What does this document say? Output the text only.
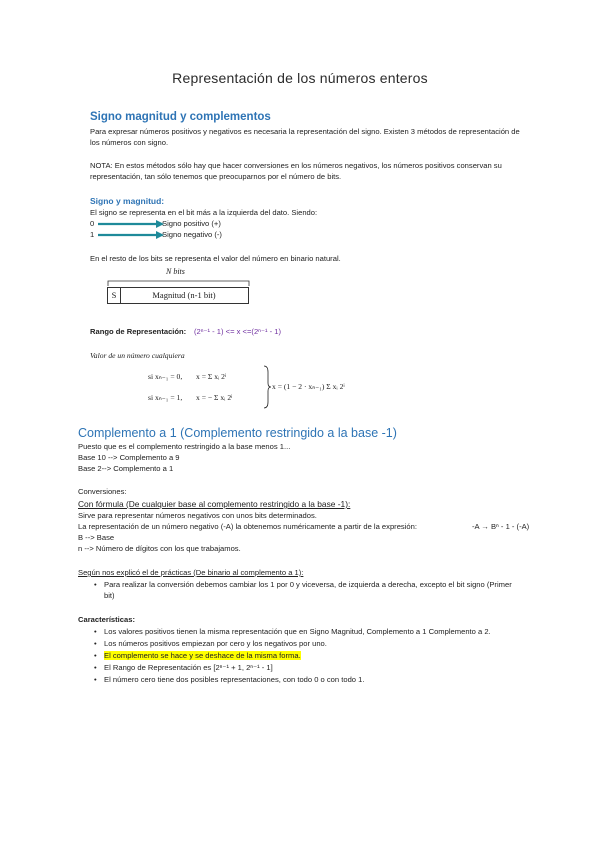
Representación de los números enteros
Signo magnitud y complementos
Para expresar números positivos y negativos es necesaria la representación del signo. Existen 3 métodos de representación de
los números con signo.
NOTA: En estos métodos sólo hay que hacer conversiones en los números negativos, los números positivos conservan su
representación, tan sólo tenemos que preocuparnos por el número de bits.
Signo y magnitud:
El signo se representa en el bit más a la izquierda del dato. Siendo:
0
1
Signo positivo (+)
Signo negativo (-)
En el resto de los bits se representa el valor del número en binario natural.
N bits
S	Magnitud (n-1 bit)
Rango de Representación: (2ⁿ⁻¹ - 1) <= x <=(2ⁿ⁻¹ - 1)
Valor de un número cualquiera
si xₙ₋₁ = 0, x = Σ xᵢ 2ⁱ
si xₙ₋₁ = 1, x = − Σ xᵢ 2ⁱ
x = (1 − 2 · xₙ₋₁) Σ xᵢ 2ⁱ
Complemento a 1 (Complemento restringido a la base -1)
Puesto que es el complemento restringido a la base menos 1...
Base 10 --> Complemento a 9
Base 2--> Complemento a 1
Conversiones:
Con fórmula (De cualquier base al complemento restringido a la base -1):
Sirve para representar números negativos con unos bits determinados.
La representación de un número negativo (-A) la obtenemos numéricamente a partir de la expresión:	-A → Bⁿ - 1 - (-A)
B --> Base
n --> Número de dígitos con los que trabajamos.
Según nos explicó el de prácticas (De binario al complemento a 1):
• Para realizar la conversión debemos cambiar los 1 por 0 y viceversa, de izquierda a derecha, excepto el bit signo (Primer
bit)
Características:
• Los valores positivos tienen la misma representación que en Signo Magnitud, Complemento a 1 Complemento a 2.
• Los números positivos empiezan por cero y los negativos por uno.
• El complemento se hace y se deshace de la misma forma.
• El Rango de Representación es [2ⁿ⁻¹ + 1, 2ⁿ⁻¹ - 1]
• El número cero tiene dos posibles representaciones, con todo 0 o con todo 1.
